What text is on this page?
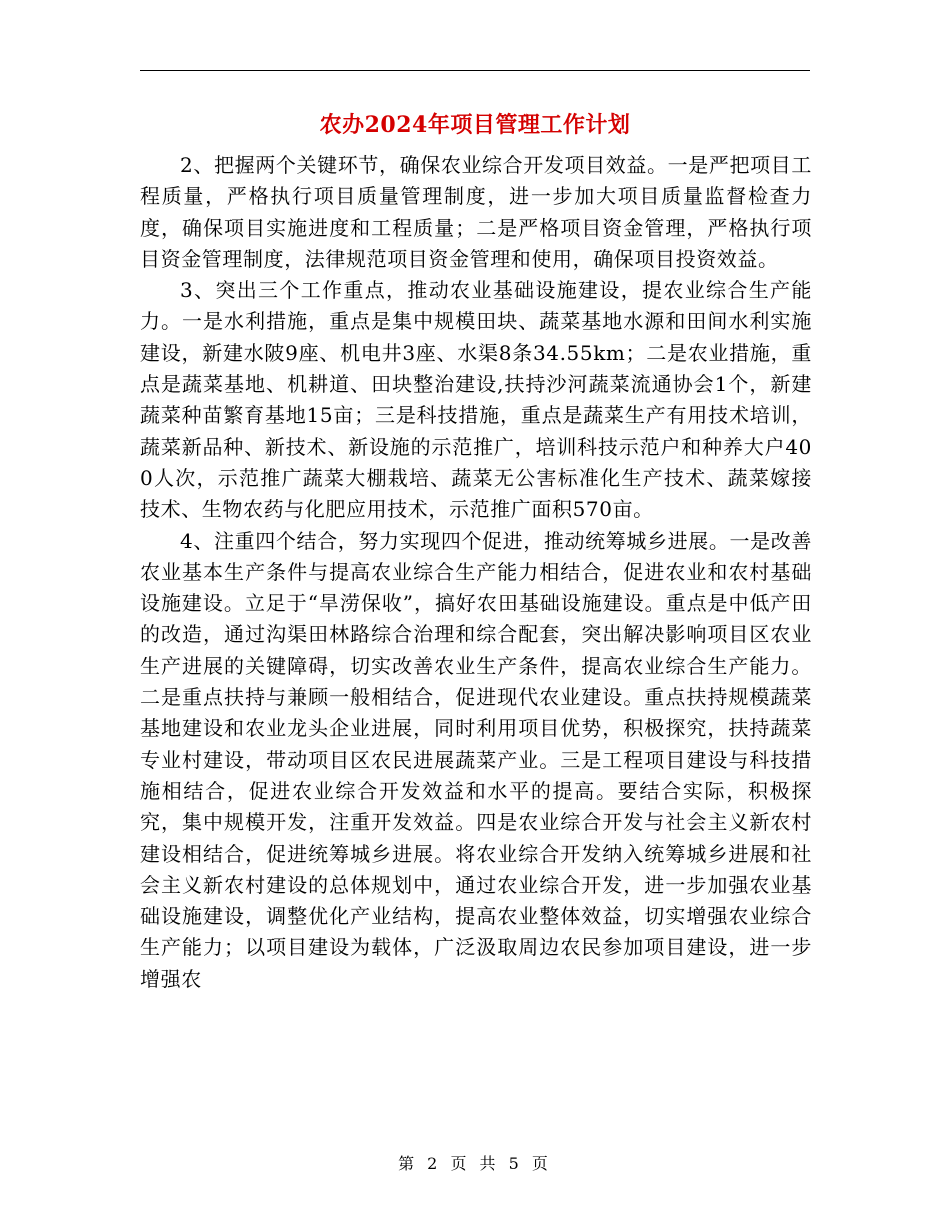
农办2024年项目管理工作计划

2、把握两个关键环节，确保农业综合开发项目效益。一是严把项目工程质量，严格执行项目质量管理制度，进一步加大项目质量监督检查力度，确保项目实施进度和工程质量；二是严格项目资金管理，严格执行项目资金管理制度，法律规范项目资金管理和使用，确保项目投资效益。

3、突出三个工作重点，推动农业基础设施建设，提农业综合生产能力。一是水利措施，重点是集中规模田块、蔬菜基地水源和田间水利实施建设，新建水陂9座、机电井3座、水渠8条34.55km；二是农业措施，重点是蔬菜基地、机耕道、田块整治建设,扶持沙河蔬菜流通协会1个，新建蔬菜种苗繁育基地15亩；三是科技措施，重点是蔬菜生产有用技术培训，蔬菜新品种、新技术、新设施的示范推广，培训科技示范户和种养大户400人次，示范推广蔬菜大棚栽培、蔬菜无公害标准化生产技术、蔬菜嫁接技术、生物农药与化肥应用技术，示范推广面积570亩。

4、注重四个结合，努力实现四个促进，推动统筹城乡进展。一是改善农业基本生产条件与提高农业综合生产能力相结合，促进农业和农村基础设施建设。立足于“旱涝保收”，搞好农田基础设施建设。重点是中低产田的改造，通过沟渠田林路综合治理和综合配套，突出解决影响项目区农业生产进展的关键障碍，切实改善农业生产条件，提高农业综合生产能力。二是重点扶持与兼顾一般相结合，促进现代农业建设。重点扶持规模蔬菜基地建设和农业龙头企业进展，同时利用项目优势，积极探究，扶持蔬菜专业村建设，带动项目区农民进展蔬菜产业。三是工程项目建设与科技措施相结合，促进农业综合开发效益和水平的提高。要结合实际，积极探究，集中规模开发，注重开发效益。四是农业综合开发与社会主义新农村建设相结合，促进统筹城乡进展。将农业综合开发纳入统筹城乡进展和社会主义新农村建设的总体规划中，通过农业综合开发，进一步加强农业基础设施建设，调整优化产业结构，提高农业整体效益，切实增强农业综合生产能力；以项目建设为载体，广泛汲取周边农民参加项目建设，进一步增强农

第 2 页 共 5 页
